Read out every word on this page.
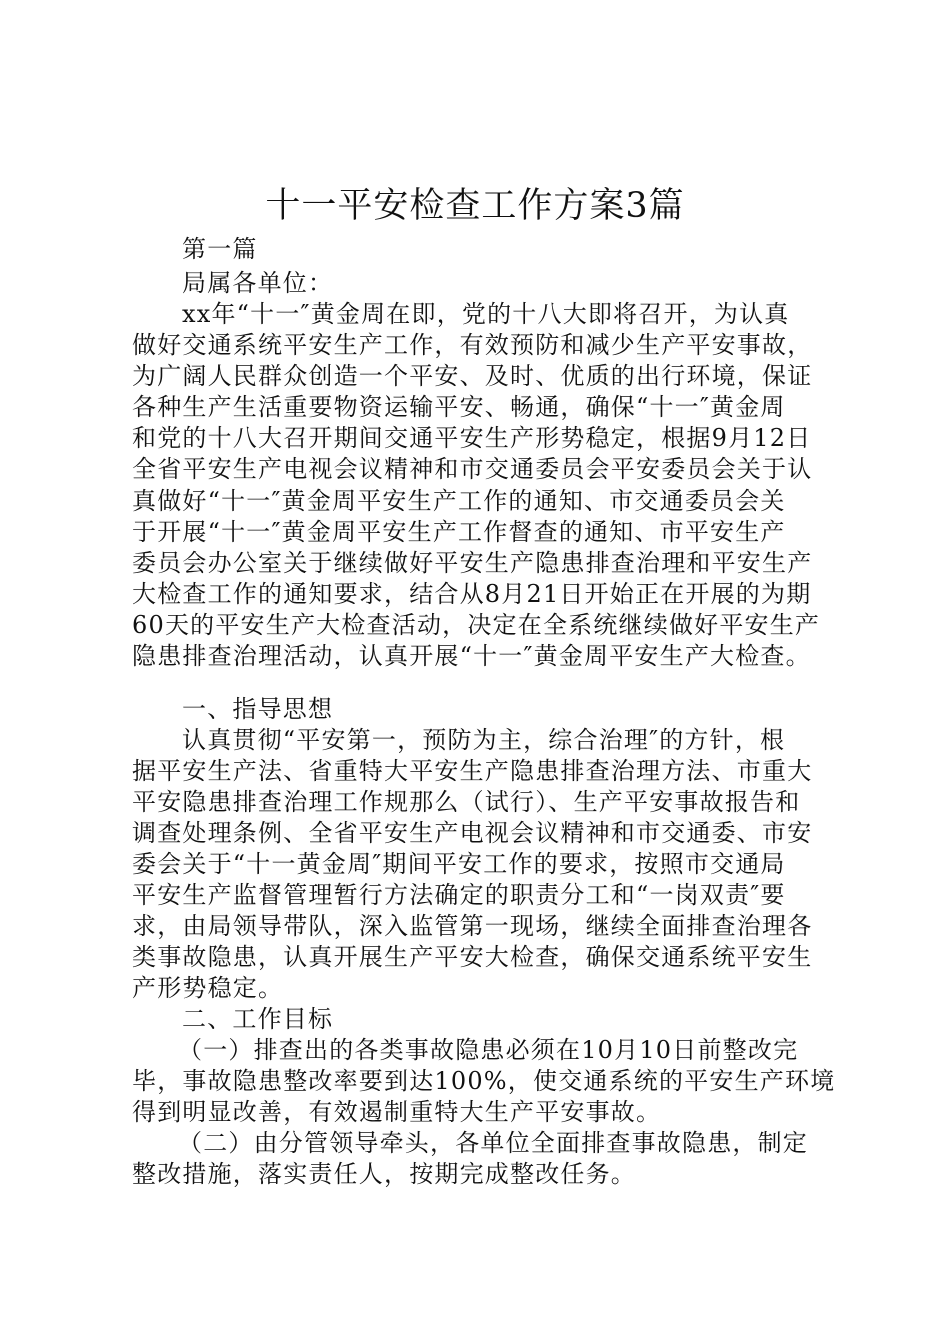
十一平安检查工作方案3篇

第一篇

局属各单位：

xx年“十一″黄金周在即，党的十八大即将召开，为认真

做好交通系统平安生产工作，有效预防和减少生产平安事故，

为广阔人民群众创造一个平安、及时、优质的出行环境，保证

各种生产生活重要物资运输平安、畅通，确保“十一″黄金周

和党的十八大召开期间交通平安生产形势稳定，根据9月12日

全省平安生产电视会议精神和市交通委员会平安委员会关于认

真做好“十一″黄金周平安生产工作的通知、市交通委员会关

于开展“十一″黄金周平安生产工作督查的通知、市平安生产

委员会办公室关于继续做好平安生产隐患排查治理和平安生产

大检查工作的通知要求，结合从8月21日开始正在开展的为期

60天的平安生产大检查活动，决定在全系统继续做好平安生产

隐患排查治理活动，认真开展“十一″黄金周平安生产大检查。

一、指导思想

认真贯彻“平安第一，预防为主，综合治理″的方针，根

据平安生产法、省重特大平安生产隐患排查治理方法、市重大

平安隐患排查治理工作规那么（试行）、生产平安事故报告和

调查处理条例、全省平安生产电视会议精神和市交通委、市安

委会关于“十一黄金周″期间平安工作的要求，按照市交通局

平安生产监督管理暂行方法确定的职责分工和“一岗双责″要

求，由局领导带队，深入监管第一现场，继续全面排查治理各

类事故隐患，认真开展生产平安大检查，确保交通系统平安生

产形势稳定。

二、工作目标

（一）排查出的各类事故隐患必须在10月10日前整改完

毕，事故隐患整改率要到达100%，使交通系统的平安生产环境

得到明显改善，有效遏制重特大生产平安事故。

（二）由分管领导牵头，各单位全面排查事故隐患，制定

整改措施，落实责任人，按期完成整改任务。
